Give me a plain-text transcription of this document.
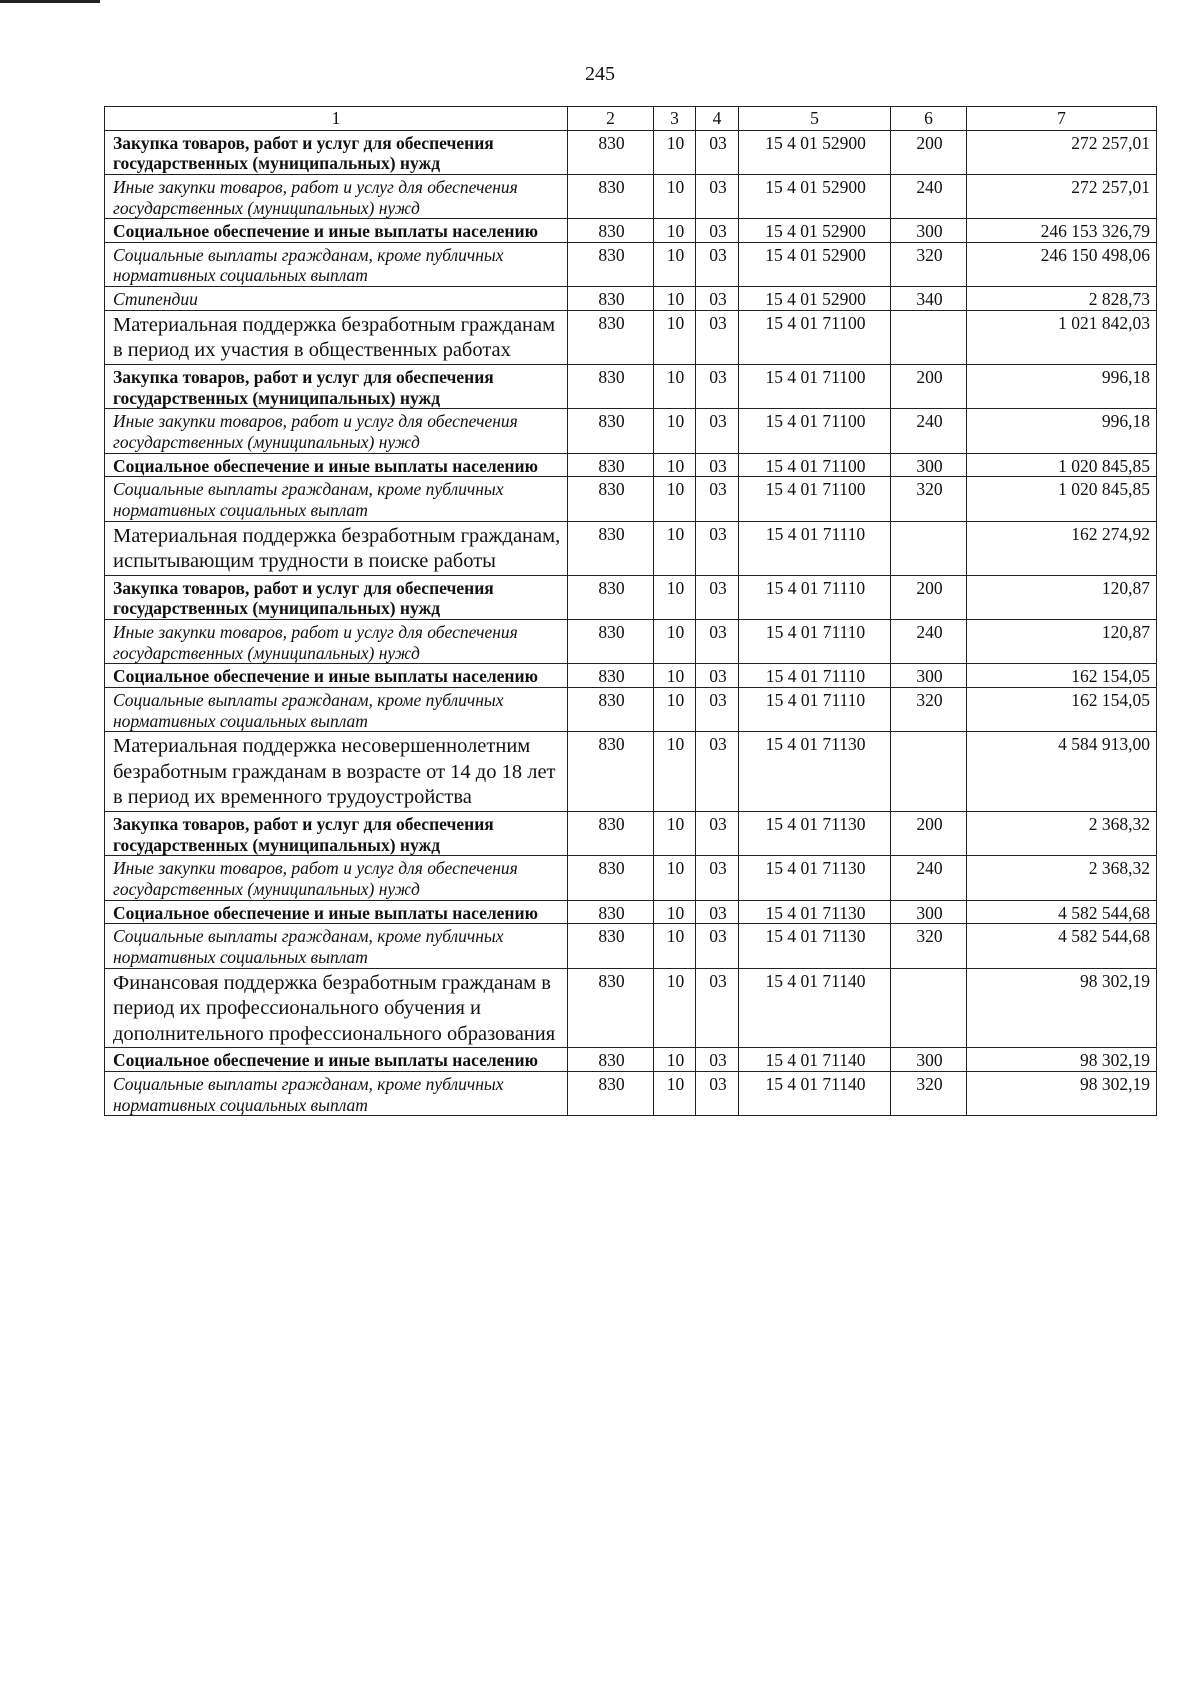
245
1	2	3	4	5	6	7
Закупка товаров, работ и услуг для обеспечения государственных (муниципальных) нужд	830	10	03	15 4 01 52900	200	272 257,01
Иные закупки товаров, работ и услуг для обеспечения государственных (муниципальных) нужд	830	10	03	15 4 01 52900	240	272 257,01
Социальное обеспечение и иные выплаты населению	830	10	03	15 4 01 52900	300	246 153 326,79
Социальные выплаты гражданам, кроме публичных нормативных социальных выплат	830	10	03	15 4 01 52900	320	246 150 498,06
Стипендии	830	10	03	15 4 01 52900	340	2 828,73
Материальная поддержка безработным гражданам в период их участия в общественных работах	830	10	03	15 4 01 71100		1 021 842,03
Закупка товаров, работ и услуг для обеспечения государственных (муниципальных) нужд	830	10	03	15 4 01 71100	200	996,18
Иные закупки товаров, работ и услуг для обеспечения государственных (муниципальных) нужд	830	10	03	15 4 01 71100	240	996,18
Социальное обеспечение и иные выплаты населению	830	10	03	15 4 01 71100	300	1 020 845,85
Социальные выплаты гражданам, кроме публичных нормативных социальных выплат	830	10	03	15 4 01 71100	320	1 020 845,85
Материальная поддержка безработным гражданам, испытывающим трудности в поиске работы	830	10	03	15 4 01 71110		162 274,92
Закупка товаров, работ и услуг для обеспечения государственных (муниципальных) нужд	830	10	03	15 4 01 71110	200	120,87
Иные закупки товаров, работ и услуг для обеспечения государственных (муниципальных) нужд	830	10	03	15 4 01 71110	240	120,87
Социальное обеспечение и иные выплаты населению	830	10	03	15 4 01 71110	300	162 154,05
Социальные выплаты гражданам, кроме публичных нормативных социальных выплат	830	10	03	15 4 01 71110	320	162 154,05
Материальная поддержка несовершеннолетним безработным гражданам в возрасте от 14 до 18 лет в период их временного трудоустройства	830	10	03	15 4 01 71130		4 584 913,00
Закупка товаров, работ и услуг для обеспечения государственных (муниципальных) нужд	830	10	03	15 4 01 71130	200	2 368,32
Иные закупки товаров, работ и услуг для обеспечения государственных (муниципальных) нужд	830	10	03	15 4 01 71130	240	2 368,32
Социальное обеспечение и иные выплаты населению	830	10	03	15 4 01 71130	300	4 582 544,68
Социальные выплаты гражданам, кроме публичных нормативных социальных выплат	830	10	03	15 4 01 71130	320	4 582 544,68
Финансовая поддержка безработным гражданам в период их профессионального обучения и дополнительного профессионального образования	830	10	03	15 4 01 71140		98 302,19
Социальное обеспечение и иные выплаты населению	830	10	03	15 4 01 71140	300	98 302,19
Социальные выплаты гражданам, кроме публичных нормативных социальных выплат	830	10	03	15 4 01 71140	320	98 302,19
